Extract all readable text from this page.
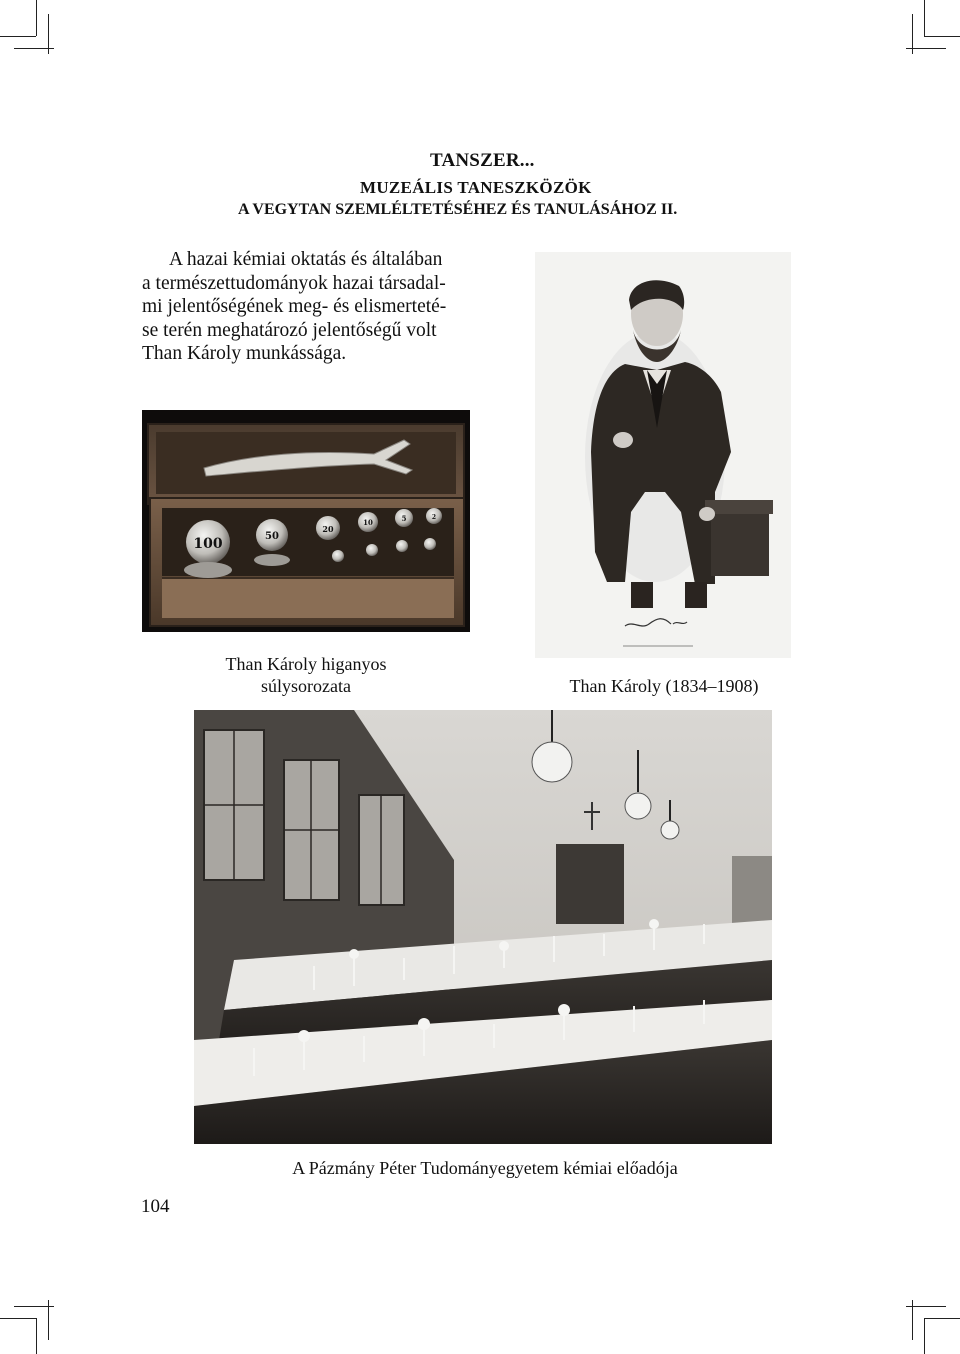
TANSZER...
MUZEÁLIS TANESZKÖZÖK
A VEGYTAN SZEMLÉLTETÉSÉHEZ ÉS TANULÁSÁHOZ II.

A hazai kémiai oktatás és általában
a természettudományok hazai társadal-
mi jelentőségének meg- és elismerteté-
se terén meghatározó jelentőségű volt
Than Károly munkássága.

100	50
20
10	5	2
Than Károly higanyos
súlysorozata	Than Károly (1834–1908)
A Pázmány Péter Tudományegyetem kémiai előadója
104
